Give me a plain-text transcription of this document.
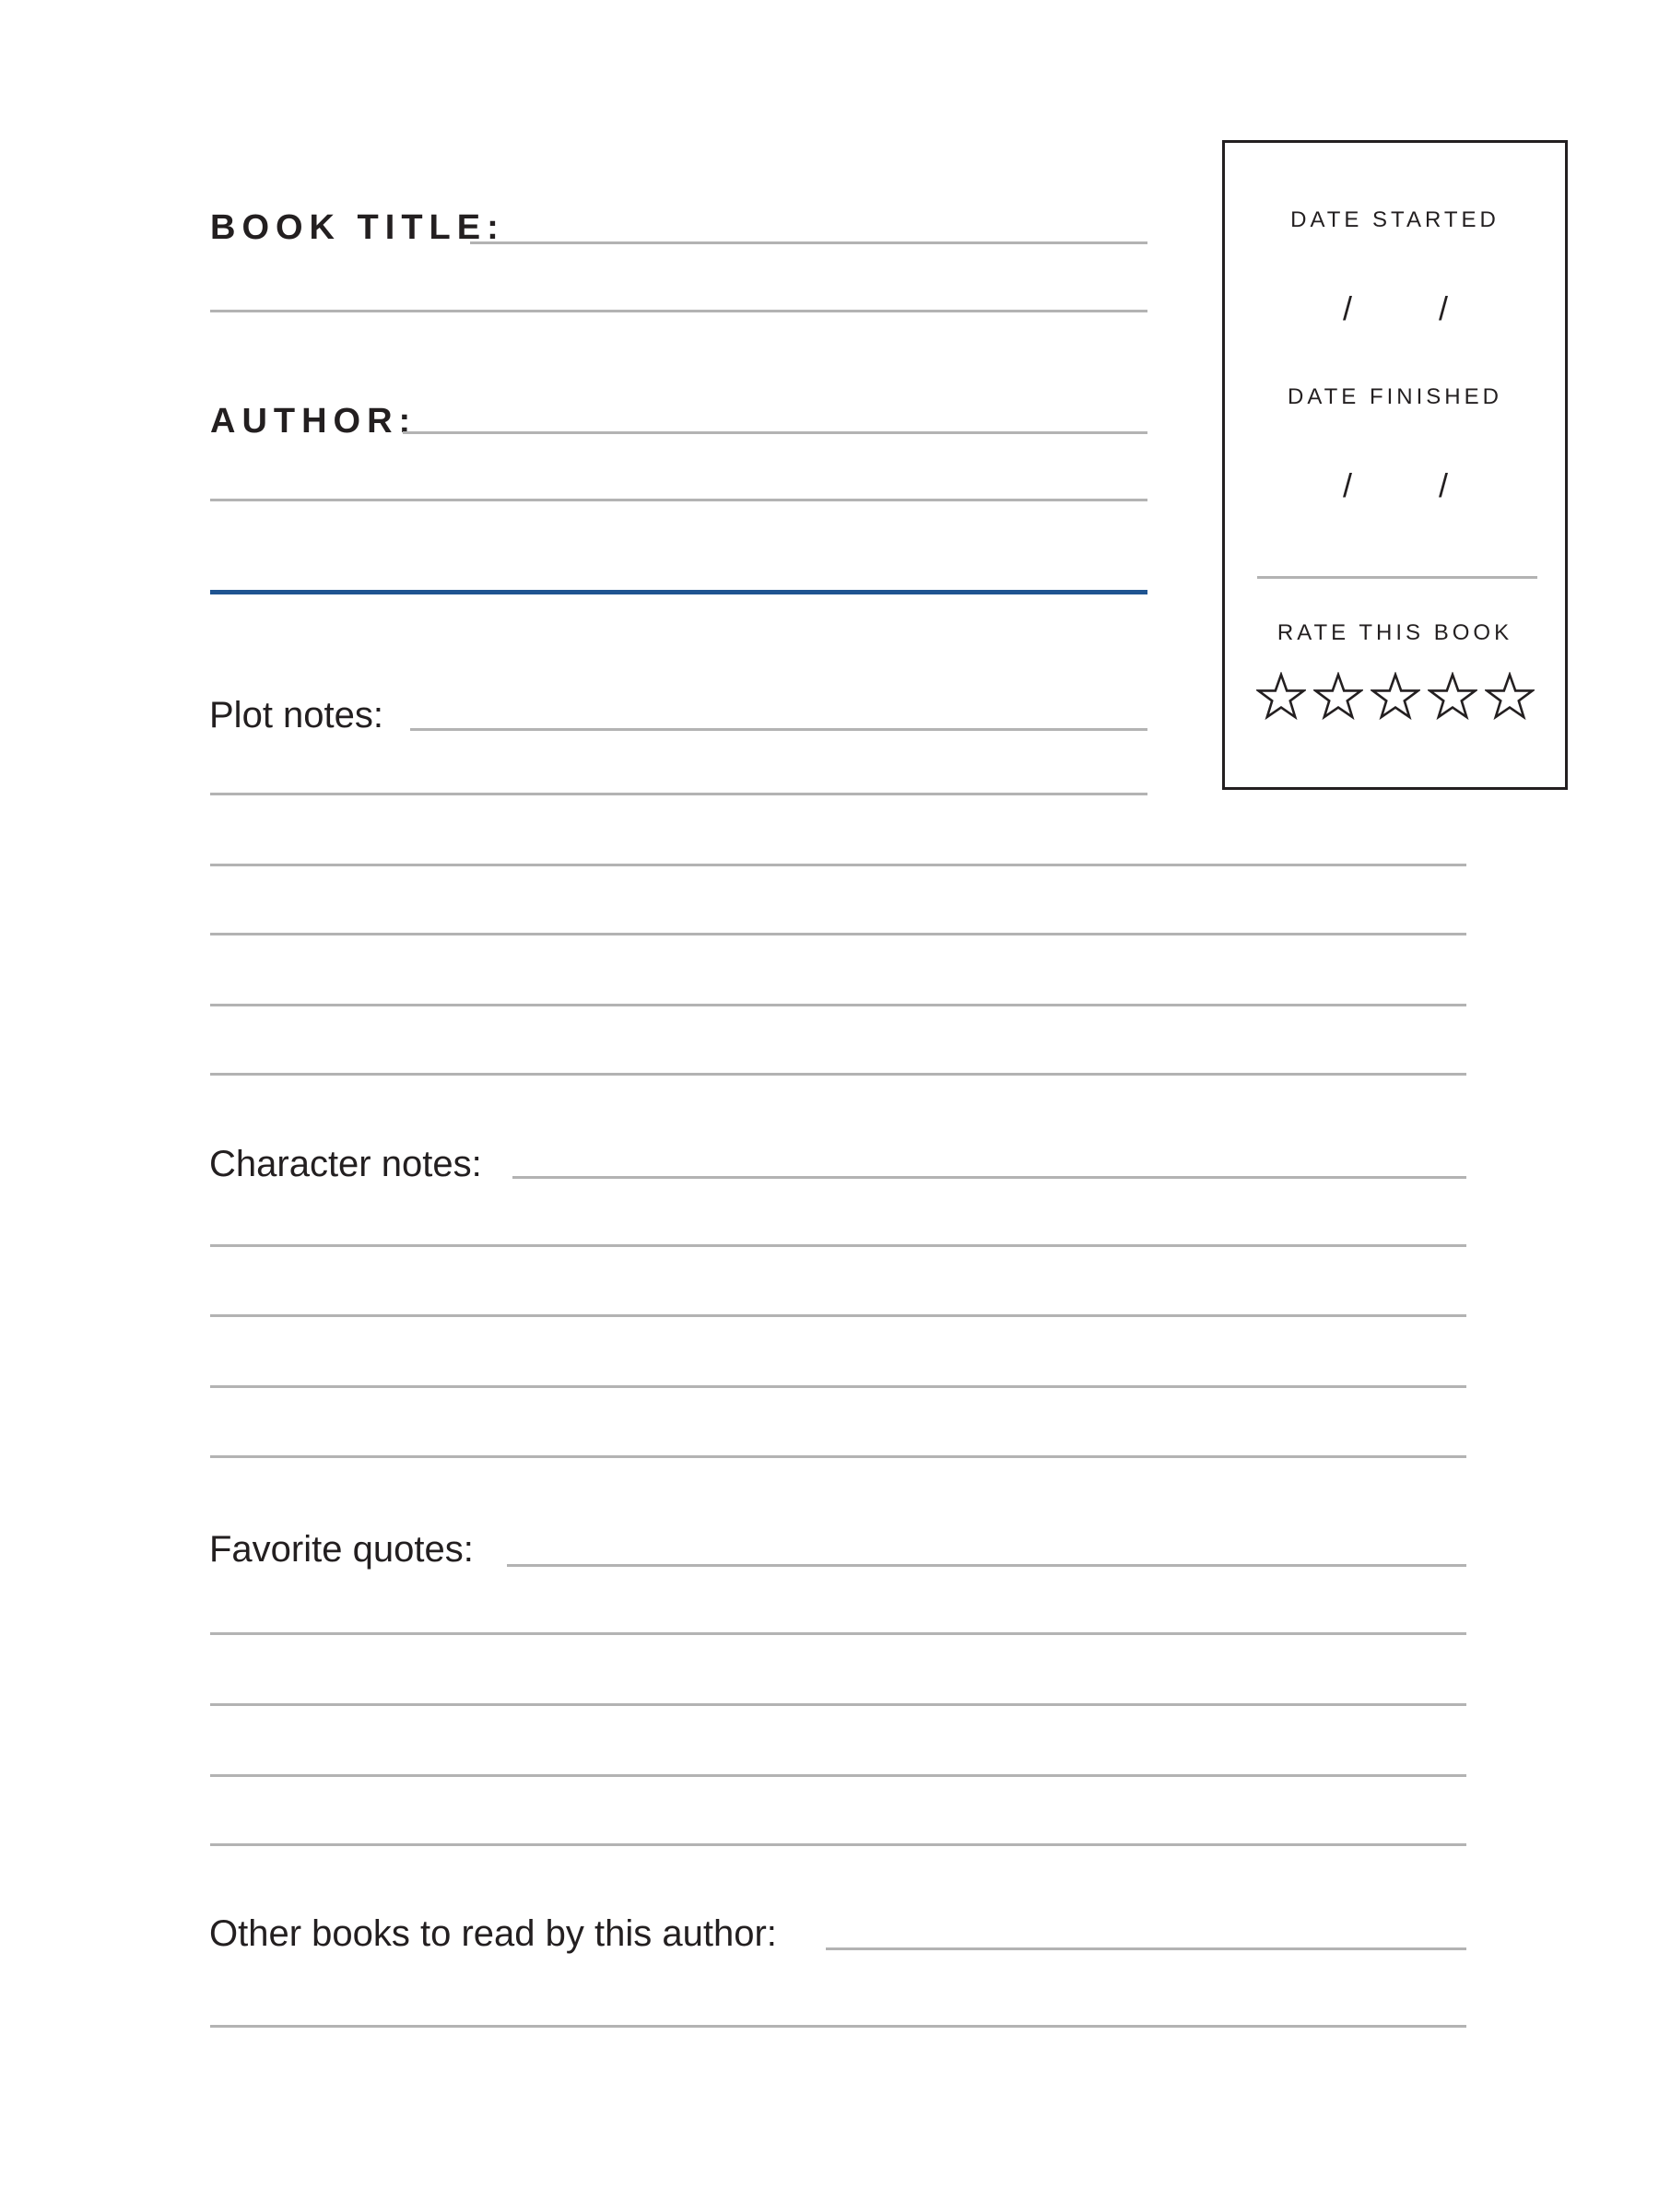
BOOK TITLE:
AUTHOR:
Plot notes:
Character notes:
Favorite quotes:
Other books to read by this author:
DATE STARTED
/	/
DATE FINISHED
/	/
RATE THIS BOOK
